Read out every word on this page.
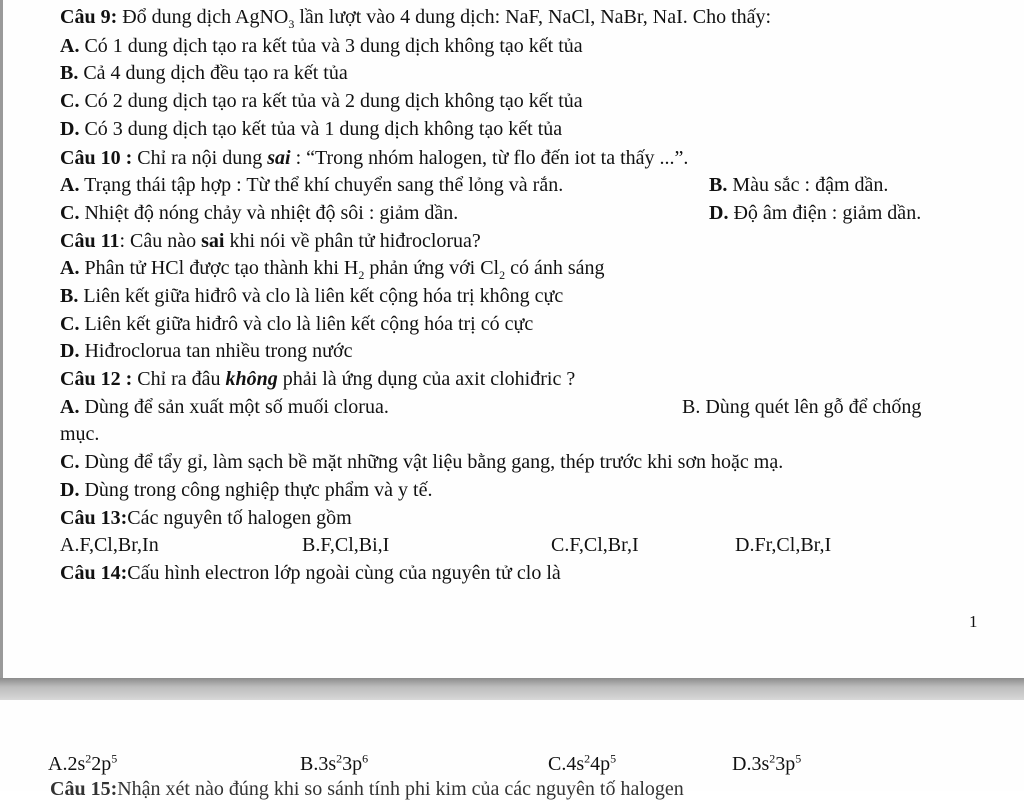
Câu 9: Đổ dung dịch AgNO$_3$ lần lượt vào 4 dung dịch: NaF, NaCl, NaBr, NaI. Cho thấy:
A. Có 1 dung dịch tạo ra kết tủa và 3 dung dịch không tạo kết tủa
B. Cả 4 dung dịch đều tạo ra kết tủa
C. Có 2 dung dịch tạo ra kết tủa và 2 dung dịch không tạo kết tủa
D. Có 3 dung dịch tạo kết tủa và 1 dung dịch không tạo kết tủa
Câu 10 : Chỉ ra nội dung sai : “Trong nhóm halogen, từ flo đến iot ta thấy ...”.
A. Trạng thái tập hợp : Từ thể khí chuyển sang thể lỏng và rắn.	B. Màu sắc : đậm dần.
C. Nhiệt độ nóng chảy và nhiệt độ sôi : giảm dần.	D. Độ âm điện : giảm dần.
Câu 11: Câu nào sai khi nói về phân tử hiđroclorua?
A. Phân tử HCl được tạo thành khi $H_2$ phản ứng với $Cl_2$ có ánh sáng
B. Liên kết giữa hiđrô và clo là liên kết cộng hóa trị không cực
C. Liên kết giữa hiđrô và clo là liên kết cộng hóa trị có cực
D. Hiđroclorua tan nhiều trong nước
Câu 12 : Chỉ ra đâu không phải là ứng dụng của axit clohiđric ?
A. Dùng để sản xuất một số muối clorua.	B. Dùng quét lên gỗ để chống
mục.
C. Dùng để tẩy gỉ, làm sạch bề mặt những vật liệu bằng gang, thép trước khi sơn hoặc mạ.
D. Dùng trong công nghiệp thực phẩm và y tế.
Câu 13:Các nguyên tố halogen gồm
A.F,Cl,Br,In	B.F,Cl,Bi,I	C.F,Cl,Br,I	D.Fr,Cl,Br,I
Câu 14:Cấu hình electron lớp ngoài cùng của nguyên tử clo là
1
$A.2s^22p^5$	$B.3s^23p^6$	$C.4s^24p^5$	$D.3s^23p^5$
Câu 15:Nhận xét nào đúng khi so sánh tính phi kim của các nguyên tố halogen
